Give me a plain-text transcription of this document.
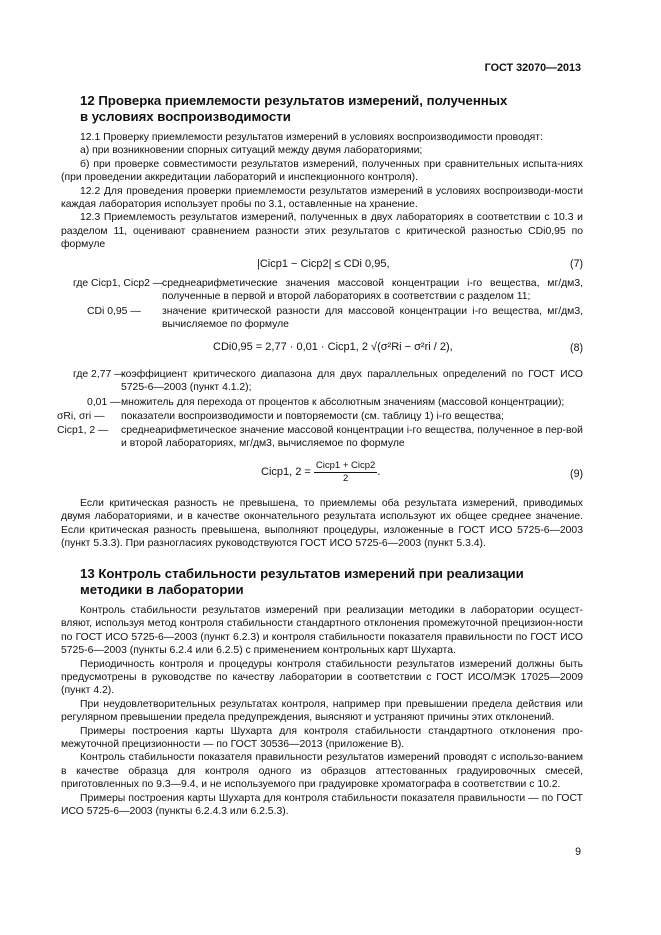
ГОСТ 32070—2013
12 Проверка приемлемости результатов измерений, полученных
в условиях воспроизводимости

12.1 Проверку приемлемости результатов измерений в условиях воспроизводимости проводят:

а) при возникновении спорных ситуаций между двумя лабораториями;

б) при проверке совместимости результатов измерений, полученных при сравнительных испыта-ниях (при проведении аккредитации лабораторий и инспекционного контроля).

12.2 Для проведения проверки приемлемости результатов измерений в условиях воспроизводи-мости каждая лаборатория использует пробы по 3.1, оставленные на хранение.

12.3 Приемлемость результатов измерений, полученных в двух лабораториях в соответствии с 10.3 и разделом 11, оценивают сравнением разности этих результатов с критической разностью CDi0,95 по формуле

|Ciср1 − Ciср2| ≤ CDi 0,95,	(7)
где Ciср1, Ciср2 —
среднеарифметические значения массовой концентрации i-го вещества, мг/дм3, полученные в первой и второй лабораториях в соответствии с разделом 11;
CDi 0,95 — значение критической разности для массовой концентрации i-го вещества, мг/дм3, вычисляемое по формуле
CDi0,95 = 2,77 · 0,01 · Ciср1, 2 √(σ²Ri − σ²ri / 2),	(8)
где 2,77 —
коэффициент критического диапазона для двух параллельных определений по ГОСТ ИСО 5725-6—2003 (пункт 4.1.2);
0,01 — множитель для перехода от процентов к абсолютным значениям (массовой концентрации);
σRi, σri — показатели воспроизводимости и повторяемости (см. таблицу 1) i-го вещества;
Ciср1, 2 — среднеарифметическое значение массовой концентрации i-го вещества, полученное в пер-вой и второй лабораториях, мг/дм3, вычисляемое по формуле
Ciср1, $2 = \frac{\text{Ciср1 + Ciср2}}{2}$ .	(9)

Если критическая разность не превышена, то приемлемы оба результата измерений, приводимых двумя лабораториями, и в качестве окончательного результата используют их общее среднее значение. Если критическая разность превышена, выполняют процедуры, изложенные в ГОСТ ИСО 5725-6—2003 (пункт 5.3.3). При разногласиях руководствуются ГОСТ ИСО 5725-6—2003 (пункт 5.3.4).

13 Контроль стабильности результатов измерений при реализации
методики в лаборатории

Контроль стабильности результатов измерений при реализации методики в лаборатории осущест-вляют, используя метод контроля стабильности стандартного отклонения промежуточной прецизион-ности по ГОСТ ИСО 5725-6—2003 (пункт 6.2.3) и контроля стабильности показателя правильности по ГОСТ ИСО 5725-6—2003 (пункты 6.2.4 или 6.2.5) с применением контрольных карт Шухарта.

Периодичность контроля и процедуры контроля стабильности результатов измерений должны быть предусмотрены в руководстве по качеству лаборатории в соответствии с ГОСТ ИСО/МЭК 17025—2009 (пункт 4.2).

При неудовлетворительных результатах контроля, например при превышении предела действия или регулярном превышении предела предупреждения, выясняют и устраняют причины этих отклонений.

Примеры построения карты Шухарта для контроля стабильности стандартного отклонения про-межуточной прецизионности — по ГОСТ 30536—2013 (приложение В).

Контроль стабильности показателя правильности результатов измерений проводят с использо-ванием в качестве образца для контроля одного из образцов аттестованных градуировочных смесей, приготовленных по 9.3—9.4, и не используемого при градуировке хроматографа в соответствии с 10.2.

Примеры построения карты Шухарта для контроля стабильности показателя правильности — по ГОСТ ИСО 5725-6—2003 (пункты 6.2.4.3 или 6.2.5.3).

9
